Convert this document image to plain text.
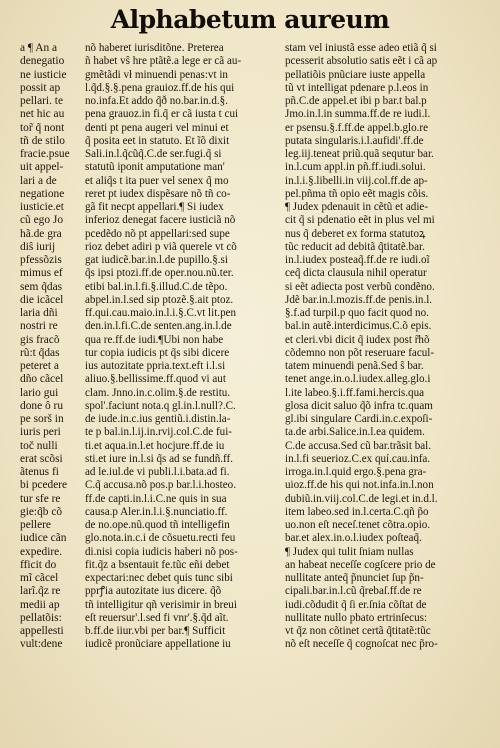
Alphabetum aureum
a ¶ An a
denegatio
ne iusticie
possit ap
pellari. te
net hic au
tor̃ q̃ nont
tñ de stilo
fracie.psue
uit appel-
lari a de
negatione
iusticie.et
cũ ego Jo
hã.de gra
diŝ iurij
pfessõzis
mimus ef
sem q̃das
die icãcel
laria dñi
nostri re
gis fracõ
rũ:t q̃das
peteret a
dño cãcel
lario gui
done ô ru
pe sorš in
iuris peri
toč nulli
erat scõsi
ãtenus fi
bi pcedere
tur sfe re
gie:q̃b cõ
pellere
iudice cãn
expedire.
fficit do
mĩ cãcel
larĩ.q̃z re
medii ap
pellatõis:
appellesti
vult:dene
nõ haberet iurisditõne. Preterea
ñ habet vŝ hre ptãtẽ.a lege er cã au-
gmẽtãdi vł minuendi penas:vt in
l.q̃d.§.§.pena grauioz.ff.de his qui
no.infa.Et addo q̃ð no.bar.in.d.§.
pena grauoz.in fi.q̃ er cã iusta t cui
denti pt pena augeri vel minui et
q̃ posita eet in statuto. Et ĩõ dixit
Sali.in.l.q̃cũq̃.C.de ser.fugi.q̃ si
statutũ iponit amputatione man'
et aliq̃s t ita puer vel senex q̃ mo
reret pt iudex dispẽsare nõ tñ co-
gã fit necpt appellari.¶ Si iudex
inferioz denegat facere iusticiã nõ
pcedẽdo nõ pt appellari:sed supe
rioz debet adiri p viã querele vt cõ
gat iudicẽ.bar.in.l.de pupillo.§.si
q̃s ipsi ptozi.ff.de oper.nou.nũ.ter.
etibi bal.in.l.fi.§.illud.C.de tẽpo.
abpel.in.l.sed sip ptozẽ.§.ait ptoz.
ff.qui.cau.maio.in.l.i.§.C.vt lit.pen
den.in.l.fi.C.de senten.ang.in.l.de
qua re.ff.de iudi.¶Ubi non habe
tur copia iudicis pt q̃s sibi dicere
ius autozitate ppria.text.eft i.l.si
aliuo.§.bellissime.ff.quod vi aut
clam. Jnno.in.c.olim.§.de restitu.
spol'.faciunt nota.q gl.in.l.null?.C.
de iude.in.c.ius gentiũ.i.distin.la-
te p bal.in.l.ij.in.rvij.col.C.de fui-
ti.et aqua.in.l.et hocjure.ff.de iu
sti.et iure in.l.si q̃s ad se fundñ.ff.
ad le.iul.de vi publi.l.i.bata.ad fi.
C.q̃ accusa.nõ pos.p bar.l.i.hosteo.
ff.de capti.in.l.i.C.ne quis in sua
causa.p Aler.in.l.i.§.nunciatio.ff.
de no.ope.nũ.quod tñ intelligefin
glo.nota.in.c.i de cõsuetu.recti feu
di.nisi copia iudicis haberi nõ pos-
fit.q̃z a bsentauit fe.tũc eñi debet
expectari:nec debet quis tunc sibi
pprꝭia autozitate ius dicere. q̃õ
tñ intelligitur qñ verisimir in breui
eſt reuersur'.l.sed fi vnr'.§.q̃d aĩt.
b.ff.de iiur.vbi per bar.¶ Sufficit
iudicẽ pronũciare appellatione iu
stam vel iniustã esse adeo etiã q̃ si
pcesserit absolutio satis eẽt i cã ap
pellatiõis pnũciare iuste appella
tũ vt intelligat pdenare p.l.eos in
pñ.C.de appel.et ibi p bar.t bal.p
Jmo.in.l.in summa.ff.de re iudi.l.
er psensu.§.f.ff.de appel.b.glo.re
putata singularis.i.l.aufidi'.ff.de
leg.iij.teneat priũ.quã sequtur bar.
in.l.cum appl.in pñ.ff.iudi.solui.
in.l.i.§.libelli.in viij.col.ff.de ap-
pel.pñma tñ opio eẽt magis cõis.
¶ Judex pdenauit in cẽtũ et adie-
cit q̃ si pdenatio eẽt in plus vel mi
nus q̃ deberet ex forma statutoꝝ
tũc reducit ad debitã q̃titatẽ.bar.
in.l.iudex posteaq̃.ff.de re iudi.oĩ
ceq̃ dicta clausula nihil operatur
si eẽt adiecta post verbũ condẽno.
Jdẽ bar.in.l.mozis.ff.de penis.in.l.
§.f.ad turpil.p quo facit quod no.
bal.in autẽ.interdicimus.C.õ epis.
et cleri.vbi dicit q̃ iudex post r̃hõ
cõdemno non põt reseruare facul-
tatem minuendi penã.Sed ŝ bar.
tenet ange.in.o.l.iudex.alleg.glo.i
l.ite labeo.§.i.ff.fami.hercis.qua
glosa dicit saluo q̃õ infra tc.quam
gl.ibi singulare Cardi.in.c.expoſi-
ta.de arbi.Salice.in.l.ea quidem.
C.de accusa.Sed cũ bar.trãsit bal.
in.l.fi seuerioz.C.ex quí.cau.infa.
irroga.in.l.quid ergo.§.pena gra-
uioz.ff.de his qui not.infa.in.l.non
dubiũ.in.viij.col.C.de legi.et in.d.l.
item labeo.sed in.l.certa.C.qñ p̃o
uo.non eſt neceſ.tenet cõtra.opio.
bar.et alex.in.o.l.iudex poſteaq̃.
¶ Judex qui tulit ſniam nullas
an habeat neceſſe cogſcere prio de
nullitate anteq̃ p̃nunciet ſup p̃n-
cipali.bar.in.l.cũ q̃rebaſ.ff.de re
iudi.cõdudit q̃ ſi er.ſnia cõſtat de
nullitate nullo pbato ertrinſecus:
vt q̃z non cõtinet certã q̃titatẽ:tũc
nõ eſt neceſſe q̃ cognoſcat nec p̃ro-
